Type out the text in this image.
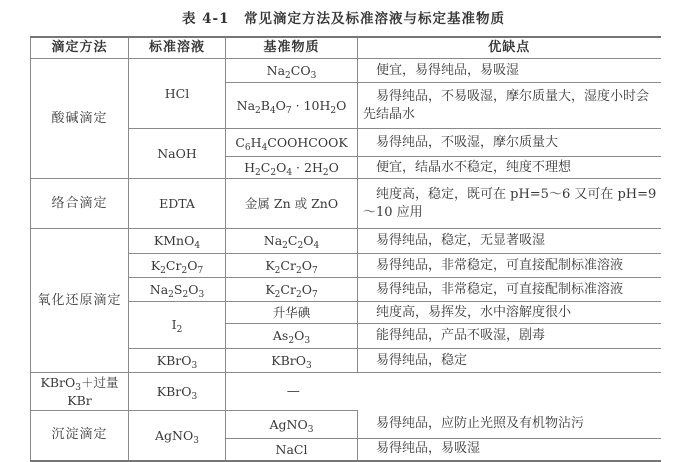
表 4-1　常见滴定方法及标准溶液与标定基准物质
滴定方法	标准溶液	基准物质	优缺点
酸碱滴定	HCl	$Na_2CO_3$	便宜，易得纯品，易吸湿
		$Na_2B_4O_7 \cdot 10H_2O$	易得纯品，不易吸湿，摩尔质量大，湿度小时会先结晶水
	NaOH	$C_6H_4COOHCOOK$	易得纯品，不吸湿，摩尔质量大
		$H_2C_2O_4 \cdot 2H_2O$	便宜，结晶水不稳定，纯度不理想
络合滴定	EDTA	金属 Zn 或 ZnO	纯度高，稳定，既可在 pH=5～6 又可在 pH=9～10 应用
氧化还原滴定	KMnO$_4$	$Na_2C_2O_4$	易得纯品，稳定，无显著吸湿
	$K_2Cr_2O_7$	$K_2Cr_2O_7$	易得纯品，非常稳定，可直接配制标准溶液
	$Na_2S_2O_3$	$K_2Cr_2O_7$	易得纯品，非常稳定，可直接配制标准溶液
	$I_2$	升华碘	纯度高，易挥发，水中溶解度很小
		$As_2O_3$	能得纯品，产品不吸湿，剧毒
	KBrO$_3$	KBrO$_3$	易得纯品，稳定
KBrO$_3$＋过量 KBr	KBrO$_3$	—	
沉淀滴定	AgNO$_3$	AgNO$_3$	易得纯品，应防止光照及有机物沾污
		NaCl	易得纯品，易吸湿
